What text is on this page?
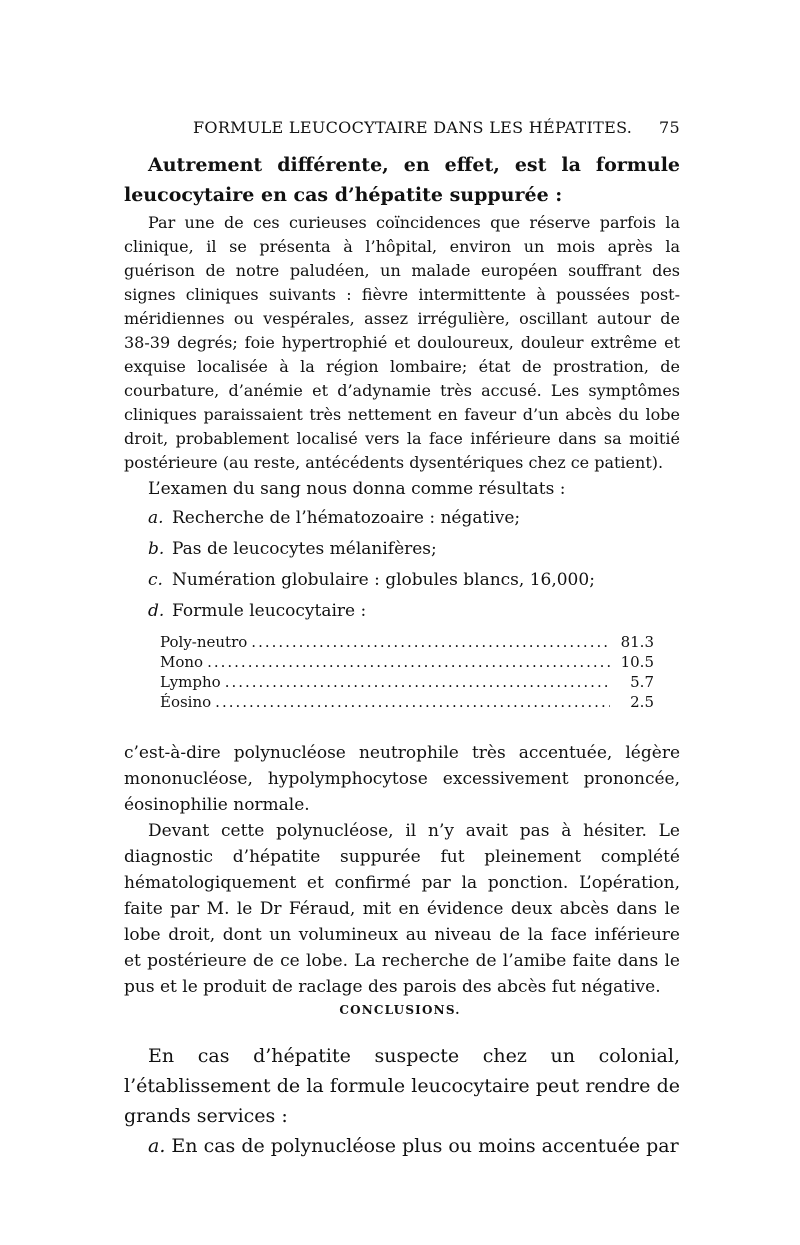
FORMULE LEUCOCYTAIRE DANS LES HÉPATITES. 75

Autrement différente, en effet, est la formule leucocytaire en cas d’hépatite suppurée :

Par une de ces curieuses coïncidences que réserve parfois la clinique, il se présenta à l’hôpital, environ un mois après la guérison de notre paludéen, un malade européen souffrant des signes cliniques suivants : fièvre intermittente à poussées post-méridiennes ou vespérales, assez irrégulière, oscillant autour de 38-39 degrés; foie hypertrophié et douloureux, douleur extrême et exquise localisée à la région lombaire; état de prostration, de courbature, d’anémie et d’adynamie très accusé. Les symptômes cliniques paraissaient très nettement en faveur d’un abcès du lobe droit, probablement localisé vers la face inférieure dans sa moitié postérieure (au reste, antécédents dysentériques chez ce patient).

L’examen du sang nous donna comme résultats :

a. Recherche de l’hématozoaire : négative;
b. Pas de leucocytes mélanifères;
c. Numération globulaire : globules blancs, 16,000;
d. Formule leucocytaire :
Poly-neutro .....	81.3
Mono .....	10.5
Lympho .....	5.7
Éosino .....	2.5

c’est-à-dire polynucléose neutrophile très accentuée, légère mononucléose, hypolymphocytose excessivement prononcée, éosinophilie normale.

Devant cette polynucléose, il n’y avait pas à hésiter. Le diagnostic d’hépatite suppurée fut pleinement complété hématologiquement et confirmé par la ponction. L’opération, faite par M. le Dr Féraud, mit en évidence deux abcès dans le lobe droit, dont un volumineux au niveau de la face inférieure et postérieure de ce lobe. La recherche de l’amibe faite dans le pus et le produit de raclage des parois des abcès fut négative.

CONCLUSIONS.

En cas d’hépatite suspecte chez un colonial, l’établissement de la formule leucocytaire peut rendre de grands services :

a. En cas de polynucléose plus ou moins accentuée par
